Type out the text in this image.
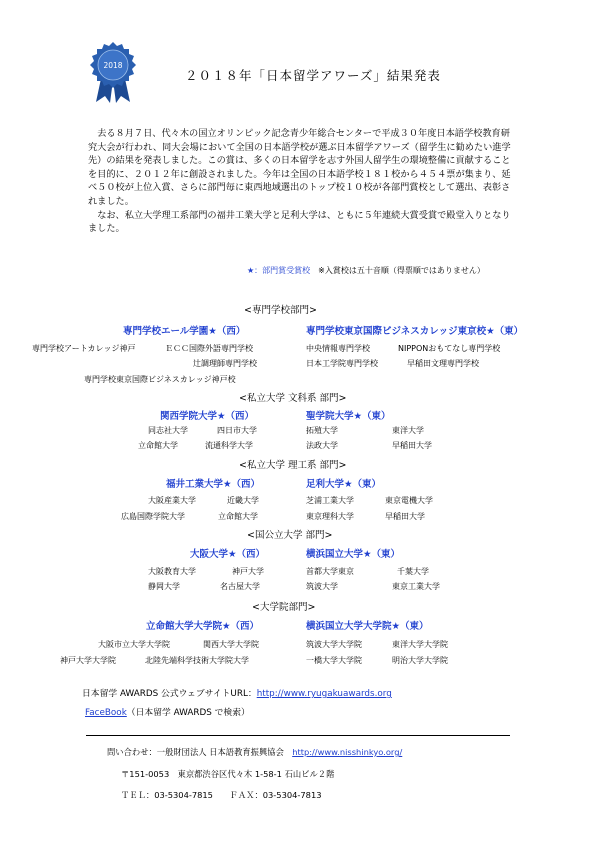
2018
２０１８年「日本留学アワーズ」結果発表

去る８月７日、代々木の国立オリンピック記念青少年総合センターで平成３０年度日本語学校教育研究大会が行われ、同大会場において全国の日本語学校が選ぶ日本留学アワーズ（留学生に勧めたい進学先）の結果を発表しました。この賞は、多くの日本留学を志す外国人留学生の環境整備に貢献することを目的に、２０１２年に創設されました。今年は全国の日本語学校１８１校から４５４票が集まり、延べ５０校が上位入賞、さらに部門毎に東西地域選出のトップ校１０校が各部門賞校として選出、表彰されました。

なお、私立大学理工系部門の福井工業大学と足利大学は、ともに５年連続大賞受賞で殿堂入りとなりました。

★：部門賞受賞校　 ※入賞校は五十音順（得票順ではありません）
<専門学校部門>
専門学校エール学園★（西）	専門学校東京国際ビジネスカレッジ東京校★（東）
専門学校アートカレッジ神戸	ＥＣＣ国際外語専門学校	中央情報専門学校	NIPPONおもてなし専門学校
辻調理師専門学校	日本工学院専門学校	早稲田文理専門学校
専門学校東京国際ビジネスカレッジ神戸校
<私立大学 文科系 部門>
関西学院大学★（西）	聖学院大学★（東）
同志社大学	四日市大学	拓殖大学	東洋大学
立命館大学	流通科学大学	法政大学	早稲田大学
<私立大学 理工系 部門>
福井工業大学★（西）	足利大学★（東）
大阪産業大学	近畿大学	芝浦工業大学	東京電機大学
広島国際学院大学	立命館大学	東京理科大学	早稲田大学
<国公立大学 部門>
大阪大学★（西）	横浜国立大学★（東）
大阪教育大学	神戸大学	首都大学東京	千葉大学
静岡大学	名古屋大学	筑波大学	東京工業大学
<大学院部門>
立命館大学大学院★（西）	横浜国立大学大学院★（東）
大阪市立大学大学院	関西大学大学院	筑波大学大学院	東洋大学大学院
神戸大学大学院	北陸先端科学技術大学院大学	一橋大学大学院	明治大学大学院
日本留学 AWARDS 公式ウェブサイトURL：http://www.ryugakuawards.org
FaceBook（日本留学 AWARDS で検索）
問い合わせ：一般財団法人 日本語教育振興協会　 http://www.nisshinkyo.org/
〒151-0053　東京都渋谷区代々木 1-58-1 石山ビル２階
ＴＥＬ：03-5304-7815　　ＦＡＸ：03-5304-7813
